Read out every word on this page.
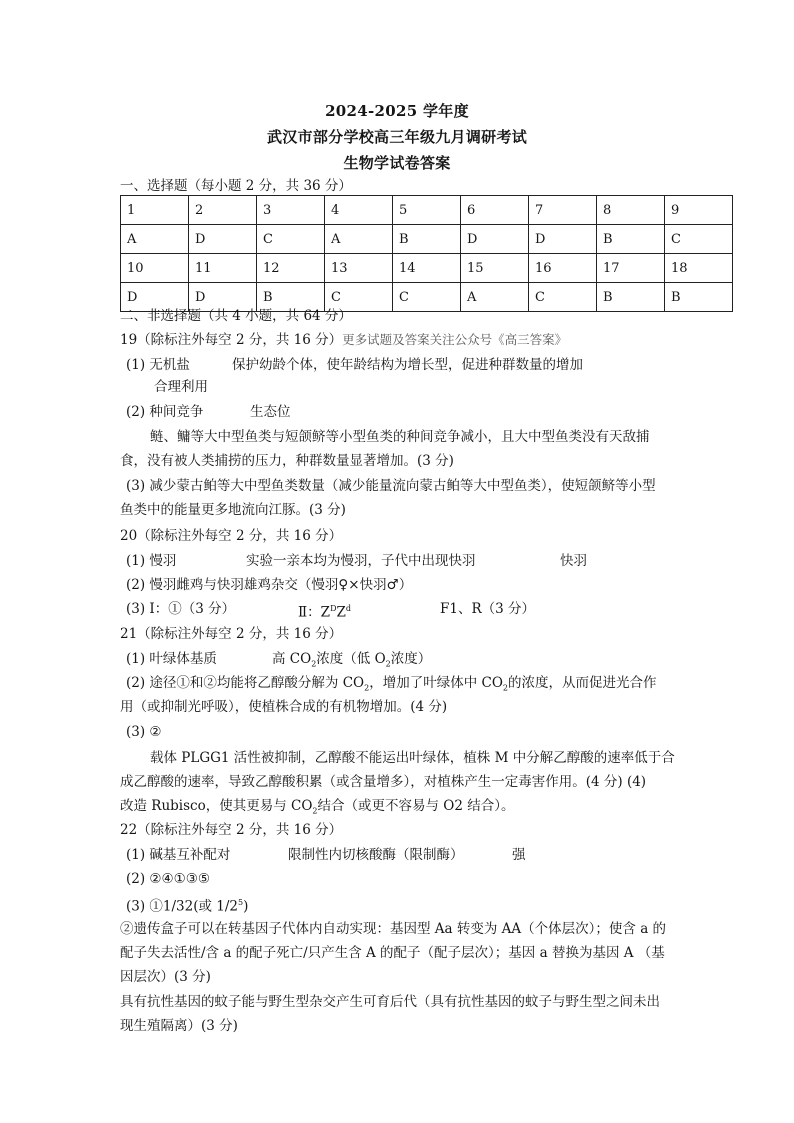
2024-2025 学年度
武汉市部分学校高三年级九月调研考试
生物学试卷答案
一、选择题（每小题 2 分，共 36 分）
1	2	3	4	5	6	7	8	9
A	D	C	A	B	D	D	B	C
10	11	12	13	14	15	16	17	18
D	D	B	C	C	A	C	B	B
二、非选择题（共 4 小题，共 64 分）
19（除标注外每空 2 分，共 16 分）更多试题及答案关注公众号《高三答案》
(1) 无机盐	保护幼龄个体，使年龄结构为增长型，促进种群数量的增加
合理利用
(2) 种间竞争	生态位
鲢、鳙等大中型鱼类与短颌鲚等小型鱼类的种间竞争减小，且大中型鱼类没有天敌捕
食，没有被人类捕捞的压力，种群数量显著增加。(3 分)
(3) 减少蒙古鲌等大中型鱼类数量（减少能量流向蒙古鲌等大中型鱼类），使短颌鲚等小型
鱼类中的能量更多地流向江豚。(3 分)
20（除标注外每空 2 分，共 16 分）
(1) 慢羽	实验一亲本均为慢羽，子代中出现快羽	快羽
(2) 慢羽雌鸡与快羽雄鸡杂交（慢羽♀×快羽♂）
(3) Ⅰ：①（3 分）	Ⅱ：$Z^DZ^d$	F1、R（3 分）
21（除标注外每空 2 分，共 16 分）
(1) 叶绿体基质	高 $CO_2$浓度（低 $O_2$浓度）
(2) 途径①和②均能将乙醇酸分解为 $CO_2$，增加了叶绿体中 $CO_2$的浓度，从而促进光合作
用（或抑制光呼吸），使植株合成的有机物增加。(4 分)
(3) ②
载体 PLGG1 活性被抑制，乙醇酸不能运出叶绿体，植株 M 中分解乙醇酸的速率低于合
成乙醇酸的速率，导致乙醇酸积累（或含量增多），对植株产生一定毒害作用。(4 分) (4)
改造 Rubisco，使其更易与 $CO_2$结合（或更不容易与 O2 结合）。
22（除标注外每空 2 分，共 16 分）
(1) 碱基互补配对	限制性内切核酸酶（限制酶）	强
(2) ②④①③⑤
(3) ①1/32(或 $1/2^5$)
②遗传盒子可以在转基因子代体内自动实现：基因型 Aa 转变为 AA（个体层次）；使含 a 的
配子失去活性/含 a 的配子死亡/只产生含 A 的配子（配子层次）；基因 a 替换为基因 A （基
因层次）(3 分)
具有抗性基因的蚊子能与野生型杂交产生可育后代（具有抗性基因的蚊子与野生型之间未出
现生殖隔离）(3 分)
